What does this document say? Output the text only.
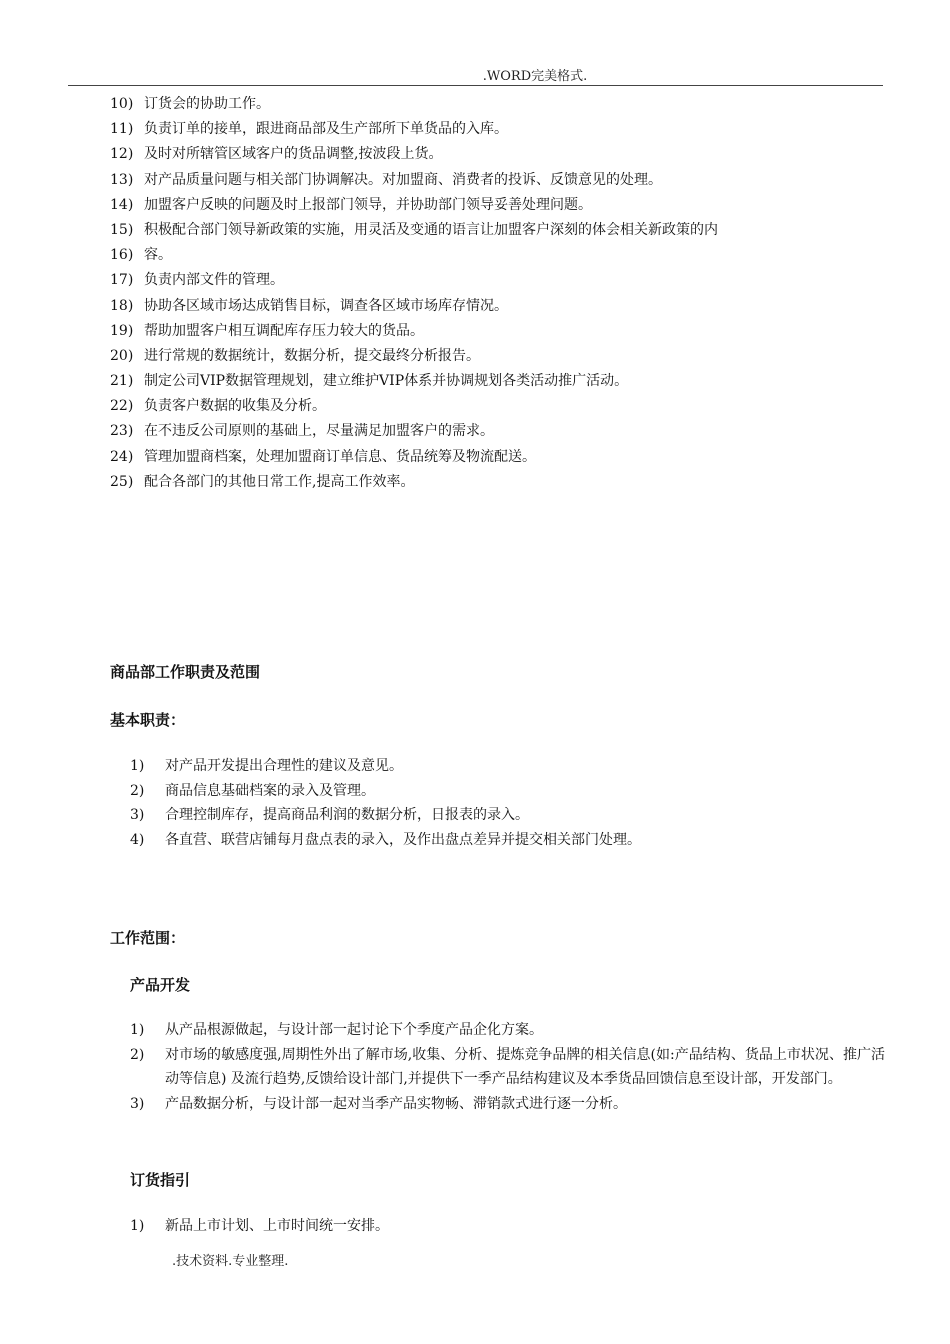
.WORD完美格式.
10) 订货会的协助工作。
11) 负责订单的接单，跟进商品部及生产部所下单货品的入库。
12) 及时对所辖管区域客户的货品调整,按波段上货。
13) 对产品质量问题与相关部门协调解决。对加盟商、消费者的投诉、反馈意见的处理。
14) 加盟客户反映的问题及时上报部门领导，并协助部门领导妥善处理问题。
15) 积极配合部门领导新政策的实施，用灵活及变通的语言让加盟客户深刻的体会相关新政策的内
16) 容。
17) 负责内部文件的管理。
18) 协助各区域市场达成销售目标，调查各区域市场库存情况。
19) 帮助加盟客户相互调配库存压力较大的货品。
20) 进行常规的数据统计，数据分析，提交最终分析报告。
21) 制定公司VIP数据管理规划，建立维护VIP体系并协调规划各类活动推广活动。
22) 负责客户数据的收集及分析。
23) 在不违反公司原则的基础上，尽量满足加盟客户的需求。
24) 管理加盟商档案，处理加盟商订单信息、货品统筹及物流配送。
25) 配合各部门的其他日常工作,提高工作效率。
商品部工作职责及范围
基本职责：
1)	对产品开发提出合理性的建议及意见。
2)	商品信息基础档案的录入及管理。
3)	合理控制库存，提高商品利润的数据分析，日报表的录入。
4)	各直营、联营店铺每月盘点表的录入，及作出盘点差异并提交相关部门处理。
工作范围：
产品开发
1)	从产品根源做起，与设计部一起讨论下个季度产品企化方案。
2)	对市场的敏感度强,周期性外出了解市场,收集、分析、提炼竞争品牌的相关信息(如:产品结构、货品上市状况、推广活动等信息) 及流行趋势,反馈给设计部门,并提供下一季产品结构建议及本季货品回馈信息至设计部，开发部门。
3)	产品数据分析，与设计部一起对当季产品实物畅、滞销款式进行逐一分析。
订货指引
1)	新品上市计划、上市时间统一安排。
.技术资料.专业整理.
